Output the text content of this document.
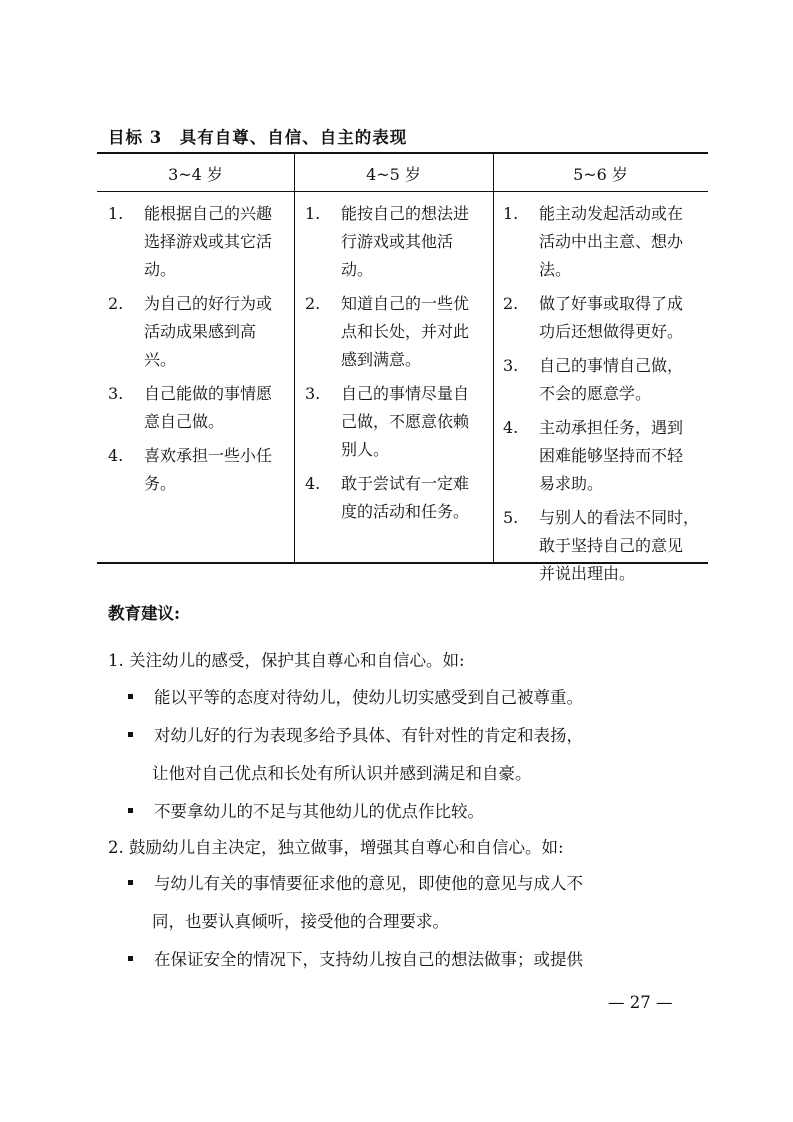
目标 3　具有自尊、自信、自主的表现
3~4 岁	4~5 岁	5~6 岁
1. 能根据自己的兴趣
选择游戏或其它活
动。
2. 为自己的好行为或
活动成果感到高
兴。
3. 自己能做的事情愿
意自己做。
4. 喜欢承担一些小任
务。
1. 能按自己的想法进
行游戏或其他活
动。
2. 知道自己的一些优
点和长处，并对此
感到满意。
3. 自己的事情尽量自
己做，不愿意依赖
别人。
4. 敢于尝试有一定难
度的活动和任务。
1. 能主动发起活动或在
活动中出主意、想办
法。
2. 做了好事或取得了成
功后还想做得更好。
3. 自己的事情自己做，
不会的愿意学。
4. 主动承担任务，遇到
困难能够坚持而不轻
易求助。
5. 与别人的看法不同时，
敢于坚持自己的意见
并说出理由。
教育建议:
1. 关注幼儿的感受，保护其自尊心和自信心。如:
能以平等的态度对待幼儿，使幼儿切实感受到自己被尊重。
对幼儿好的行为表现多给予具体、有针对性的肯定和表扬，
让他对自己优点和长处有所认识并感到满足和自豪。
不要拿幼儿的不足与其他幼儿的优点作比较。
2. 鼓励幼儿自主决定，独立做事，增强其自尊心和自信心。如:
与幼儿有关的事情要征求他的意见，即使他的意见与成人不
同，也要认真倾听，接受他的合理要求。
在保证安全的情况下，支持幼儿按自己的想法做事；或提供
— 27 —
